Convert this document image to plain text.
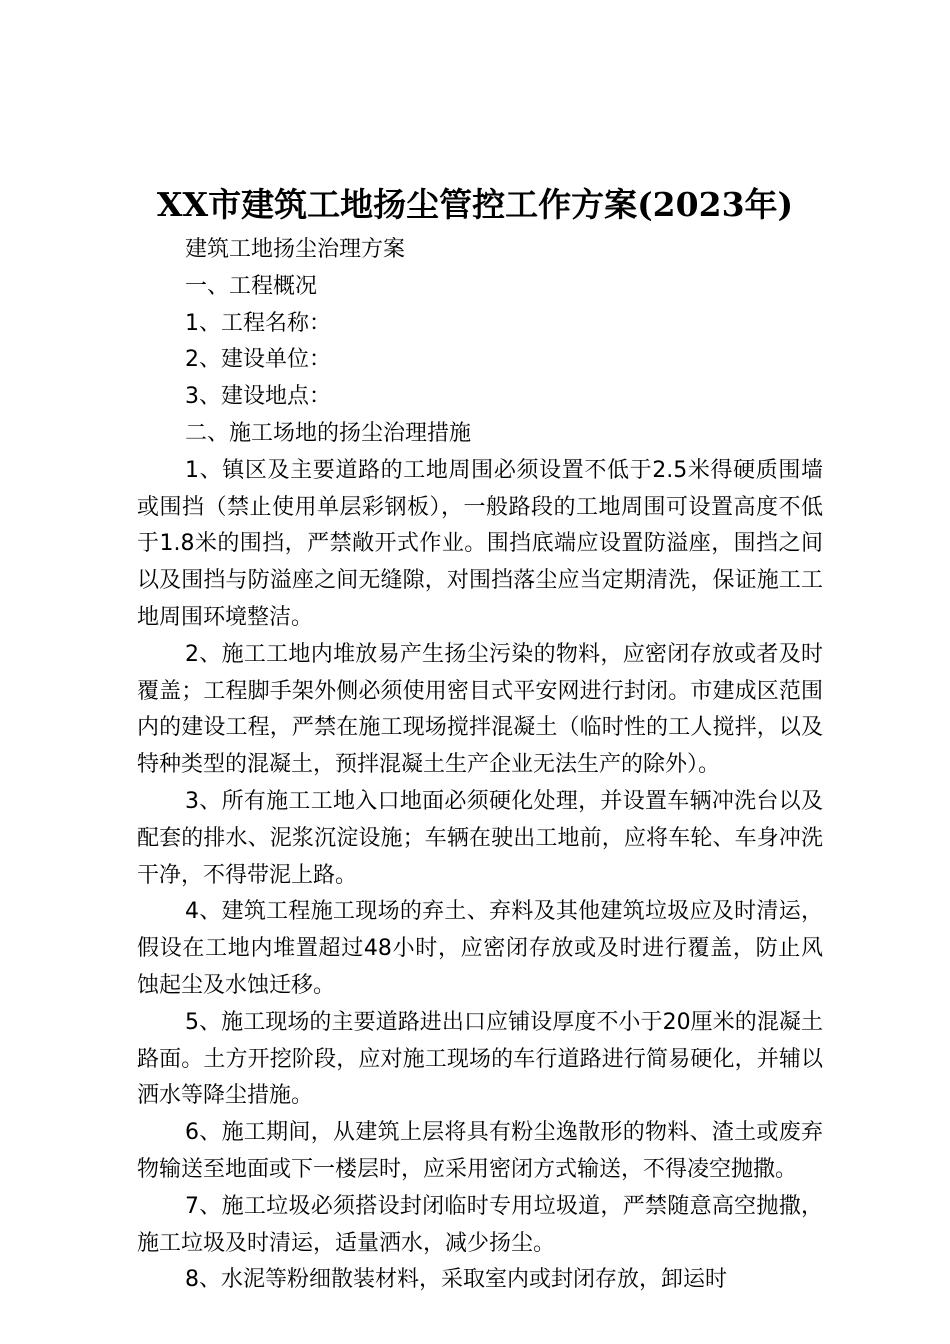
XX市建筑工地扬尘管控工作方案(2023年)

建筑工地扬尘治理方案

一、工程概况

1、工程名称：

2、建设单位：

3、建设地点：

二、施工场地的扬尘治理措施

1、镇区及主要道路的工地周围必须设置不低于2.5米得硬质围墙或围挡（禁止使用单层彩钢板），一般路段的工地周围可设置高度不低于1.8米的围挡，严禁敞开式作业。围挡底端应设置防溢座，围挡之间以及围挡与防溢座之间无缝隙，对围挡落尘应当定期清洗，保证施工工地周围环境整洁。

2、施工工地内堆放易产生扬尘污染的物料，应密闭存放或者及时覆盖；工程脚手架外侧必须使用密目式平安网进行封闭。市建成区范围内的建设工程，严禁在施工现场搅拌混凝土（临时性的工人搅拌，以及特种类型的混凝土，预拌混凝土生产企业无法生产的除外）。

3、所有施工工地入口地面必须硬化处理，并设置车辆冲洗台以及配套的排水、泥浆沉淀设施；车辆在驶出工地前，应将车轮、车身冲洗干净，不得带泥上路。

4、建筑工程施工现场的弃土、弃料及其他建筑垃圾应及时清运，假设在工地内堆置超过48小时，应密闭存放或及时进行覆盖，防止风蚀起尘及水蚀迁移。

5、施工现场的主要道路进出口应铺设厚度不小于20厘米的混凝土路面。土方开挖阶段，应对施工现场的车行道路进行简易硬化，并辅以洒水等降尘措施。

6、施工期间，从建筑上层将具有粉尘逸散形的物料、渣土或废弃物输送至地面或下一楼层时，应采用密闭方式输送，不得凌空抛撒。

7、施工垃圾必须搭设封闭临时专用垃圾道，严禁随意高空抛撒，施工垃圾及时清运，适量洒水，减少扬尘。

8、水泥等粉细散装材料，采取室内或封闭存放，卸运时
